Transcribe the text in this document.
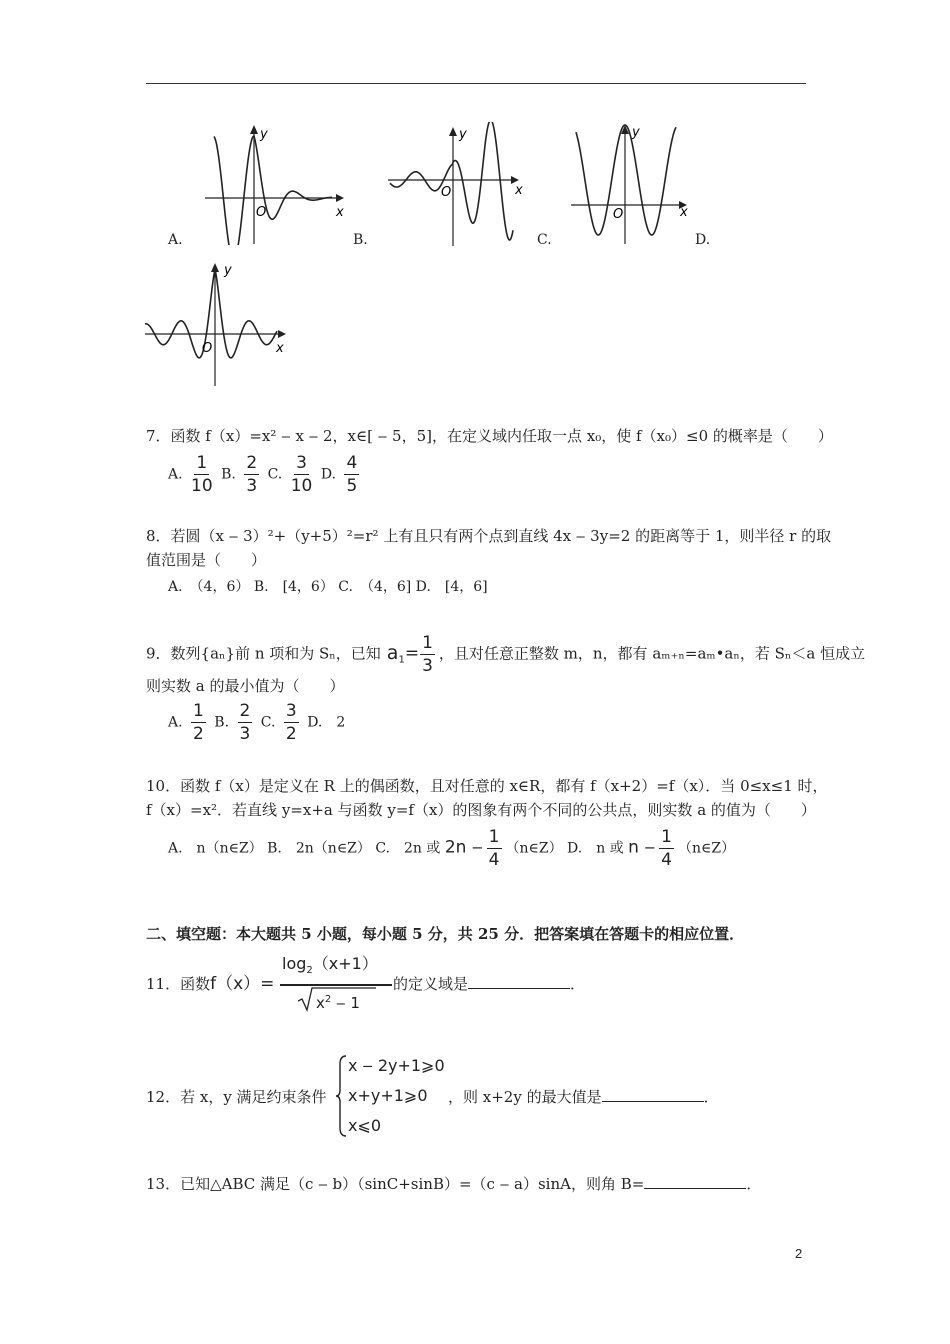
y
x
O
A.
y
x
O
B.
y
x
O
C.	D.
y
x
O
7．函数 f（x）=x² ‒ x ‒ 2，x∈[ ‒ 5，5]，在定义域内任取一点 x₀，使 f（x₀）≤0 的概率是（　　）
A. $\frac{1}{10} B$. $\frac{2}{3} C$. $\frac{3}{10} D$. $\frac{4}{5}$
8．若圆（x ‒ 3）²+（y+5）²=r² 上有且只有两个点到直线 4x ‒ 3y=2 的距离等于 1，则半径 r 的取
值范围是（　　）
A.　（4，6） B.　[4，6） C.　（4，6] D.　[4，6]
9．数列{aₙ}前 n 项和为 Sₙ，已知 $a_1= \frac{1}{3}$ ，且对任意正整数 m，n，都有 aₘ₊ₙ=aₘ•aₙ，若 Sₙ＜a 恒成立
则实数 a 的最小值为（　　）
A. $\frac{1}{2} B$. $\frac{2}{3} C$. $\frac{3}{2} D$.　2
10．函数 f（x）是定义在 R 上的偶函数，且对任意的 x∈R，都有 f（x+2）=f（x）．当 0≤x≤1 时，
f（x）=x²．若直线 y=x+a 与函数 y=f（x）的图象有两个不同的公共点，则实数 a 的值为（　　）
A.　n（n∈Z） B.　2n（n∈Z） C.　2n 或 2n ‒ $\frac{1}{4}$ （n∈Z） D.　n 或 n ‒ $\frac{1}{4}$ （n∈Z）
二、填空题：本大题共 5 小题，每小题 5 分，共 25 分．把答案填在答题卡的相应位置．
11．函数f（x）=
$\log_2(x+1)$
$x^2$ ‒ 1
的定义域是	．
12．若 x，y 满足约束条件
x ‒ 2y+1⩾0
x+y+1⩾0
x⩽0
，则 x+2y 的最大值是	．
13．已知△ABC 满足（c ‒ b）（sinC+sinB）=（c ‒ a）sinA，则角 B=	．
2
